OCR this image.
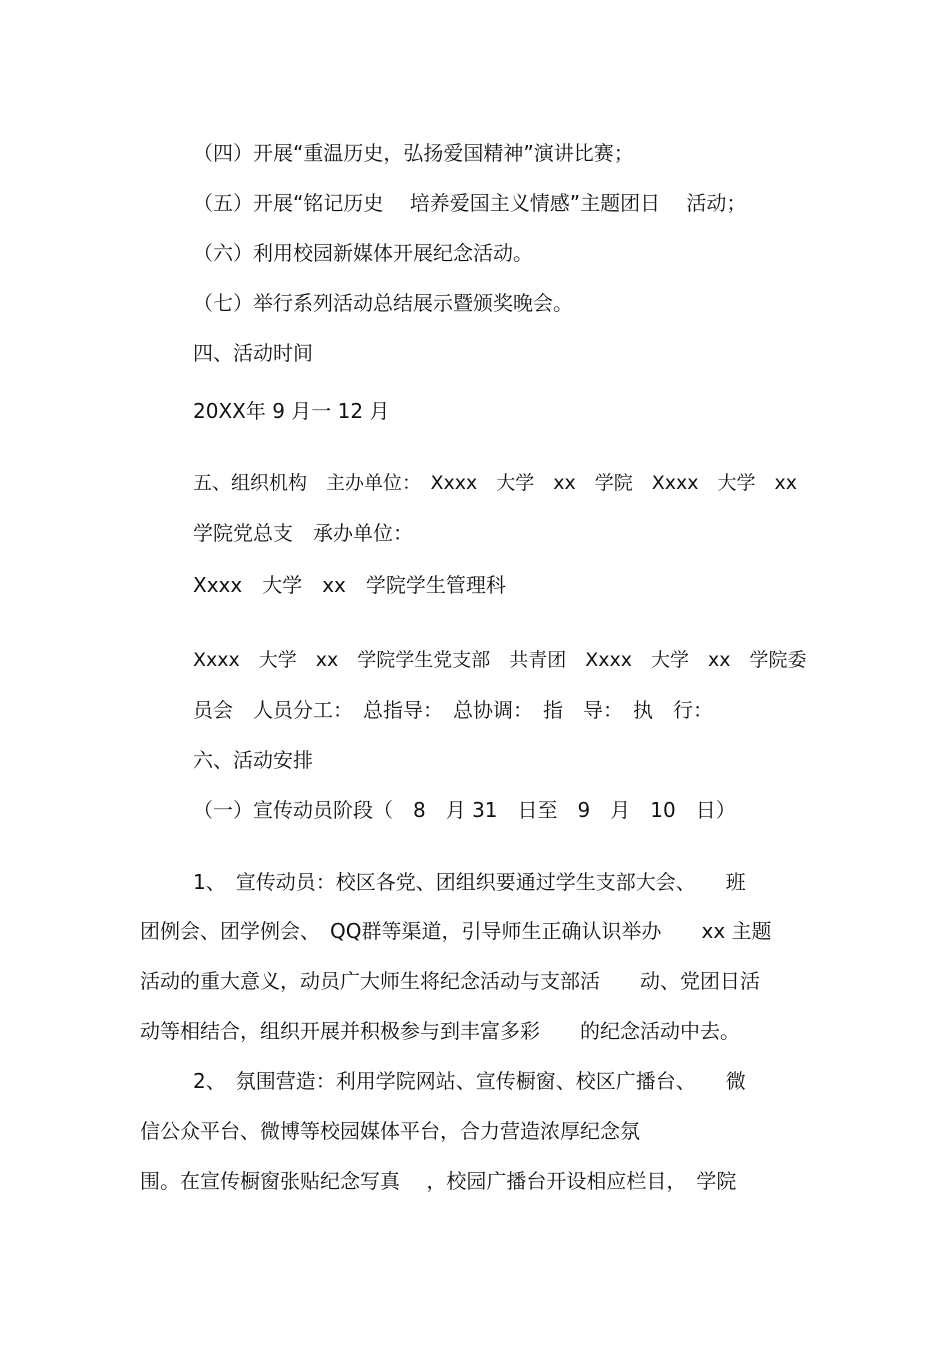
（四）开展“重温历史，弘扬爱国精神”演讲比赛；
（五）开展“铭记历史　 培养爱国主义情感”主题团日　 活动；
（六）利用校园新媒体开展纪念活动。
（七）举行系列活动总结展示暨颁奖晚会。
四、活动时间
20XX年 9 月一 12 月
五、组织机构　主办单位：　Xxxx　大学　xx　学院　Xxxx　大学　xx
学院党总支　承办单位：
Xxxx　大学　xx　学院学生管理科
Xxxx　大学　xx　学院学生党支部　共青团　Xxxx　大学　xx　学院委
员会　人员分工：　总指导：　总协调：　指　导：　执　行：
六、活动安排
（一）宣传动员阶段（　8　月 31　日至　9　月　10　日）
1、　宣传动员：校区各党、团组织要通过学生支部大会、　　班
团例会、团学例会、　QQ群等渠道，引导师生正确认识举办　　xx 主题
活动的重大意义，动员广大师生将纪念活动与支部活　　动、党团日活
动等相结合，组织开展并积极参与到丰富多彩　　的纪念活动中去。
2、　氛围营造：利用学院网站、宣传橱窗、校区广播台、　　微
信公众平台、微博等校园媒体平台，合力营造浓厚纪念氛
围。在宣传橱窗张贴纪念写真　 ，校园广播台开设相应栏目，　学院
